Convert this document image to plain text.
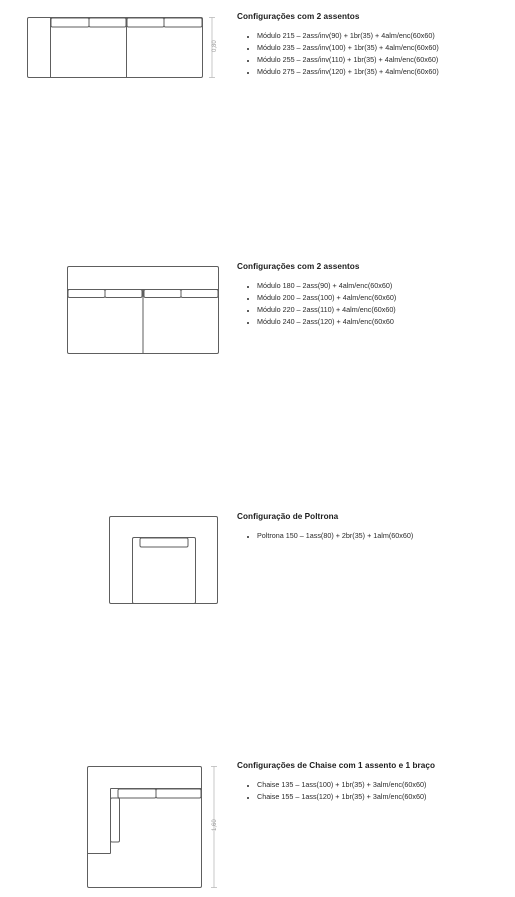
0,80
Configurações com 2 assentos
• Módulo 215 – 2ass/inv(90) + 1br(35) + 4alm/enc(60x60)
• Módulo 235 – 2ass/inv(100) + 1br(35) + 4alm/enc(60x60)
• Módulo 255 – 2ass/inv(110) + 1br(35) + 4alm/enc(60x60)
• Módulo 275 – 2ass/inv(120) + 1br(35) + 4alm/enc(60x60)
Configurações com 2 assentos
• Módulo 180 – 2ass(90) + 4alm/enc(60x60)
• Módulo 200 – 2ass(100) + 4alm/enc(60x60)
• Módulo 220 – 2ass(110) + 4alm/enc(60x60)
• Módulo 240 – 2ass(120) + 4alm/enc(60x60
Configuração de Poltrona
• Poltrona 150 – 1ass(80) + 2br(35) + 1alm(60x60)
1,60
Configurações de Chaise com 1 assento e 1 braço
• Chaise 135 – 1ass(100) + 1br(35) + 3alm/enc(60x60)
• Chaise 155 – 1ass(120) + 1br(35) + 3alm/enc(60x60)
